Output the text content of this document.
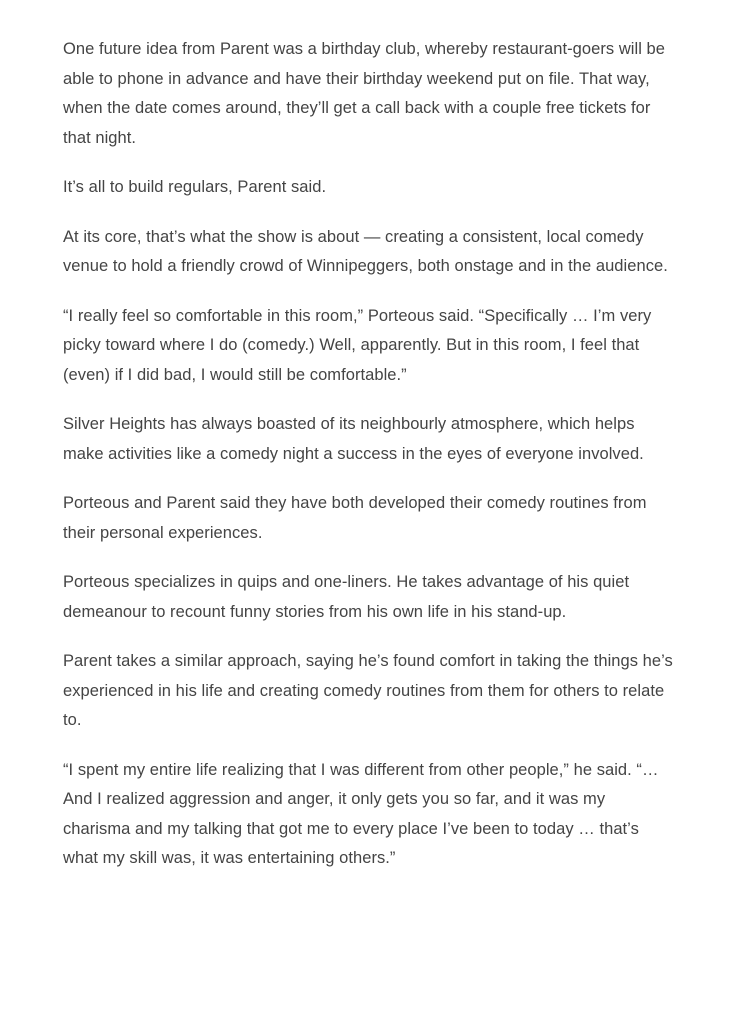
One future idea from Parent was a birthday club, whereby restaurant-goers will be able to phone in advance and have their birthday weekend put on file. That way, when the date comes around, they’ll get a call back with a couple free tickets for that night.

It’s all to build regulars, Parent said.

At its core, that’s what the show is about — creating a consistent, local comedy venue to hold a friendly crowd of Winnipeggers, both onstage and in the audience.

“I really feel so comfortable in this room,” Porteous said. “Specifically … I’m very picky toward where I do (comedy.) Well, apparently. But in this room, I feel that (even) if I did bad, I would still be comfortable.”

Silver Heights has always boasted of its neighbourly atmosphere, which helps make activities like a comedy night a success in the eyes of everyone involved.

Porteous and Parent said they have both developed their comedy routines from their personal experiences.

Porteous specializes in quips and one-liners. He takes advantage of his quiet demeanour to recount funny stories from his own life in his stand-up.

Parent takes a similar approach, saying he’s found comfort in taking the things he’s experienced in his life and creating comedy routines from them for others to relate to.

“I spent my entire life realizing that I was different from other people,” he said. “…And I realized aggression and anger, it only gets you so far, and it was my charisma and my talking that got me to every place I’ve been to today … that’s what my skill was, it was entertaining others.”
